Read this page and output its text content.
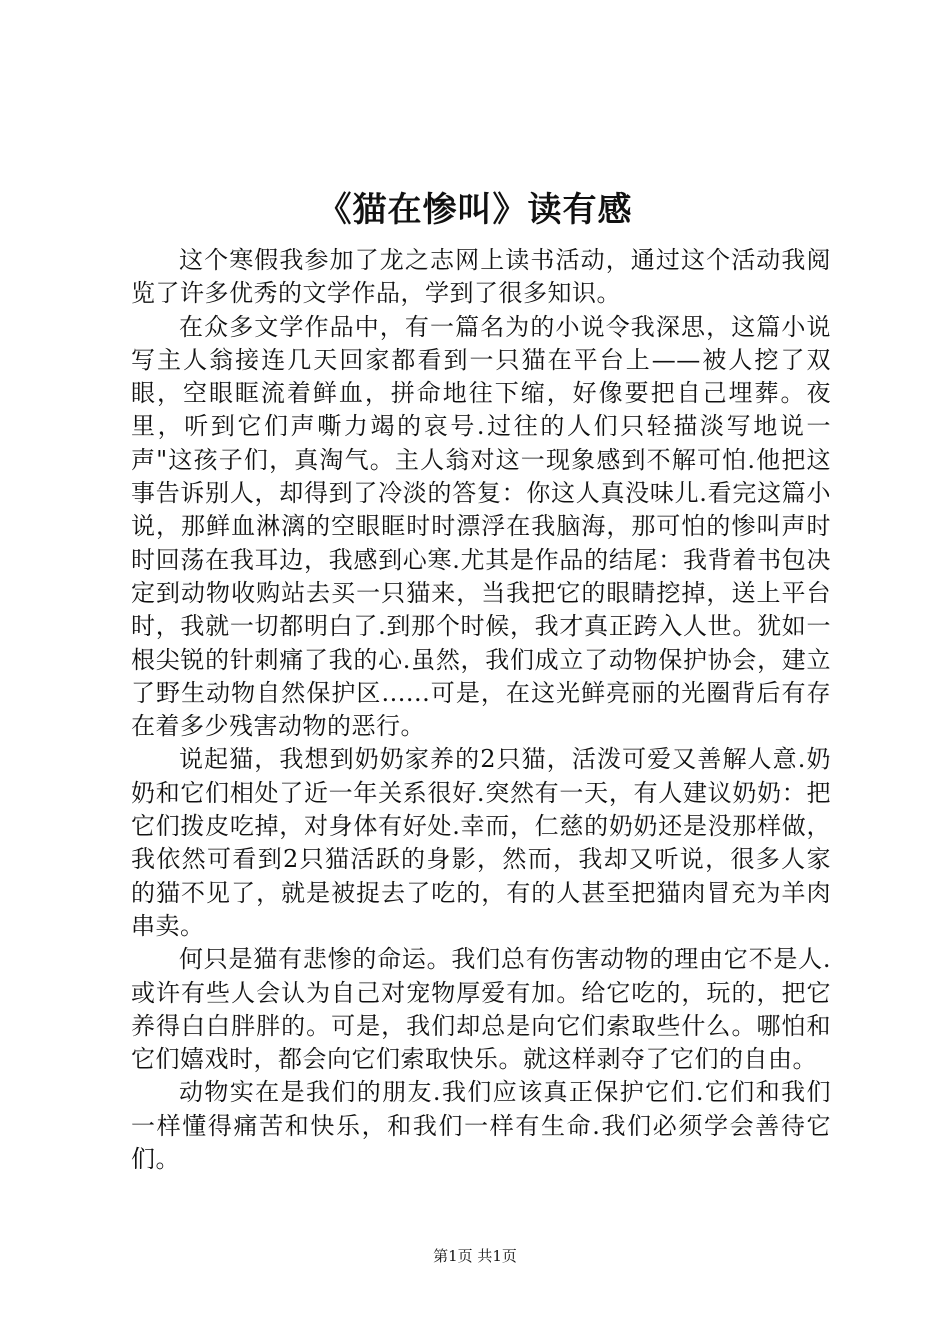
《猫在惨叫》读有感

这个寒假我参加了龙之志网上读书活动，通过这个活动我阅览了许多优秀的文学作品，学到了很多知识。

在众多文学作品中，有一篇名为的小说令我深思，这篇小说写主人翁接连几天回家都看到一只猫在平台上——被人挖了双眼，空眼眶流着鲜血，拼命地往下缩，好像要把自己埋葬。夜里，听到它们声嘶力竭的哀号.过往的人们只轻描淡写地说一声"这孩子们，真淘气。主人翁对这一现象感到不解可怕.他把这事告诉别人，却得到了冷淡的答复：你这人真没味儿.看完这篇小说，那鲜血淋漓的空眼眶时时漂浮在我脑海，那可怕的惨叫声时时回荡在我耳边，我感到心寒.尤其是作品的结尾：我背着书包决定到动物收购站去买一只猫来，当我把它的眼睛挖掉，送上平台时，我就一切都明白了.到那个时候，我才真正跨入人世。犹如一根尖锐的针刺痛了我的心.虽然，我们成立了动物保护协会，建立了野生动物自然保护区......可是，在这光鲜亮丽的光圈背后有存在着多少残害动物的恶行。

说起猫，我想到奶奶家养的2只猫，活泼可爱又善解人意.奶奶和它们相处了近一年关系很好.突然有一天，有人建议奶奶：把它们拨皮吃掉，对身体有好处.幸而，仁慈的奶奶还是没那样做，我依然可看到2只猫活跃的身影，然而，我却又听说，很多人家的猫不见了，就是被捉去了吃的，有的人甚至把猫肉冒充为羊肉串卖。

何只是猫有悲惨的命运。我们总有伤害动物的理由它不是人.或许有些人会认为自己对宠物厚爱有加。给它吃的，玩的，把它养得白白胖胖的。可是，我们却总是向它们索取些什么。哪怕和它们嬉戏时，都会向它们索取快乐。就这样剥夺了它们的自由。

动物实在是我们的朋友.我们应该真正保护它们.它们和我们一样懂得痛苦和快乐，和我们一样有生命.我们必须学会善待它们。

第1页 共1页
